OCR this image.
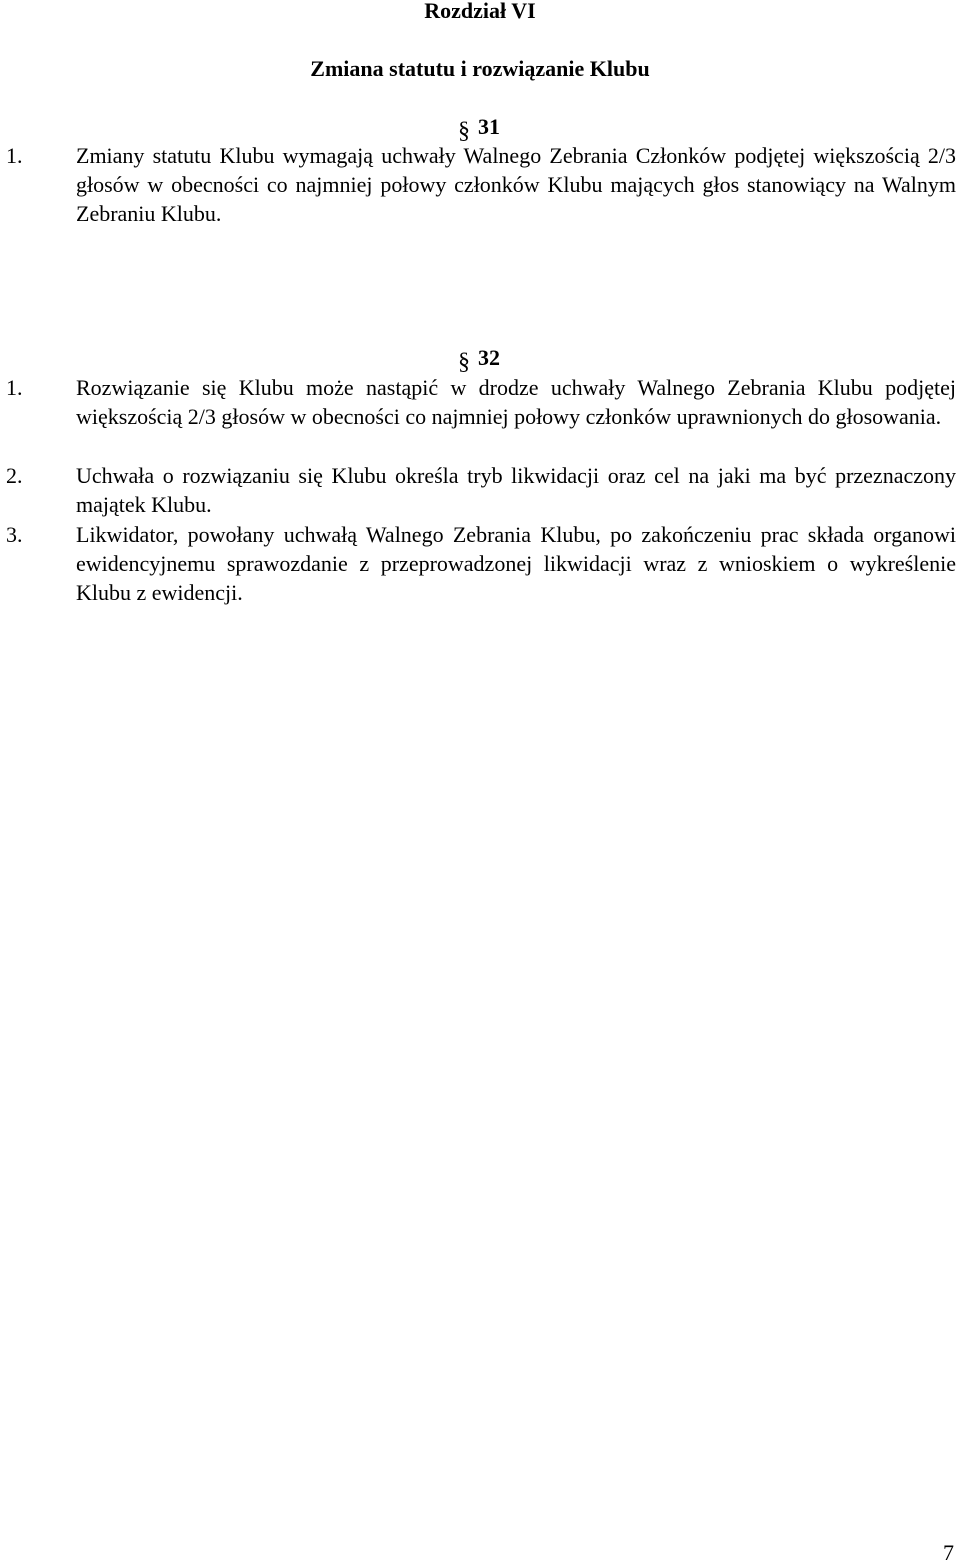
Rozdział VI
Zmiana statutu i rozwiązanie Klubu
§ 31
1.	Zmiany statutu Klubu wymagają uchwały Walnego Zebrania Członków podjętej większością 2/3 głosów w obecności co najmniej połowy członków Klubu mających głos stanowiący na Walnym Zebraniu Klubu.
§ 32
1.	Rozwiązanie się Klubu może nastąpić w drodze uchwały Walnego Zebrania Klubu podjętej większością 2/3 głosów w obecności co najmniej połowy członków uprawnionych do głosowania.
2.	Uchwała o rozwiązaniu się Klubu określa tryb likwidacji oraz cel na jaki ma być przeznaczony majątek Klubu.
3.	Likwidator, powołany uchwałą Walnego Zebrania Klubu, po zakończeniu prac składa organowi ewidencyjnemu sprawozdanie z przeprowadzonej likwidacji wraz z wnioskiem o wykreślenie Klubu z ewidencji.
7
